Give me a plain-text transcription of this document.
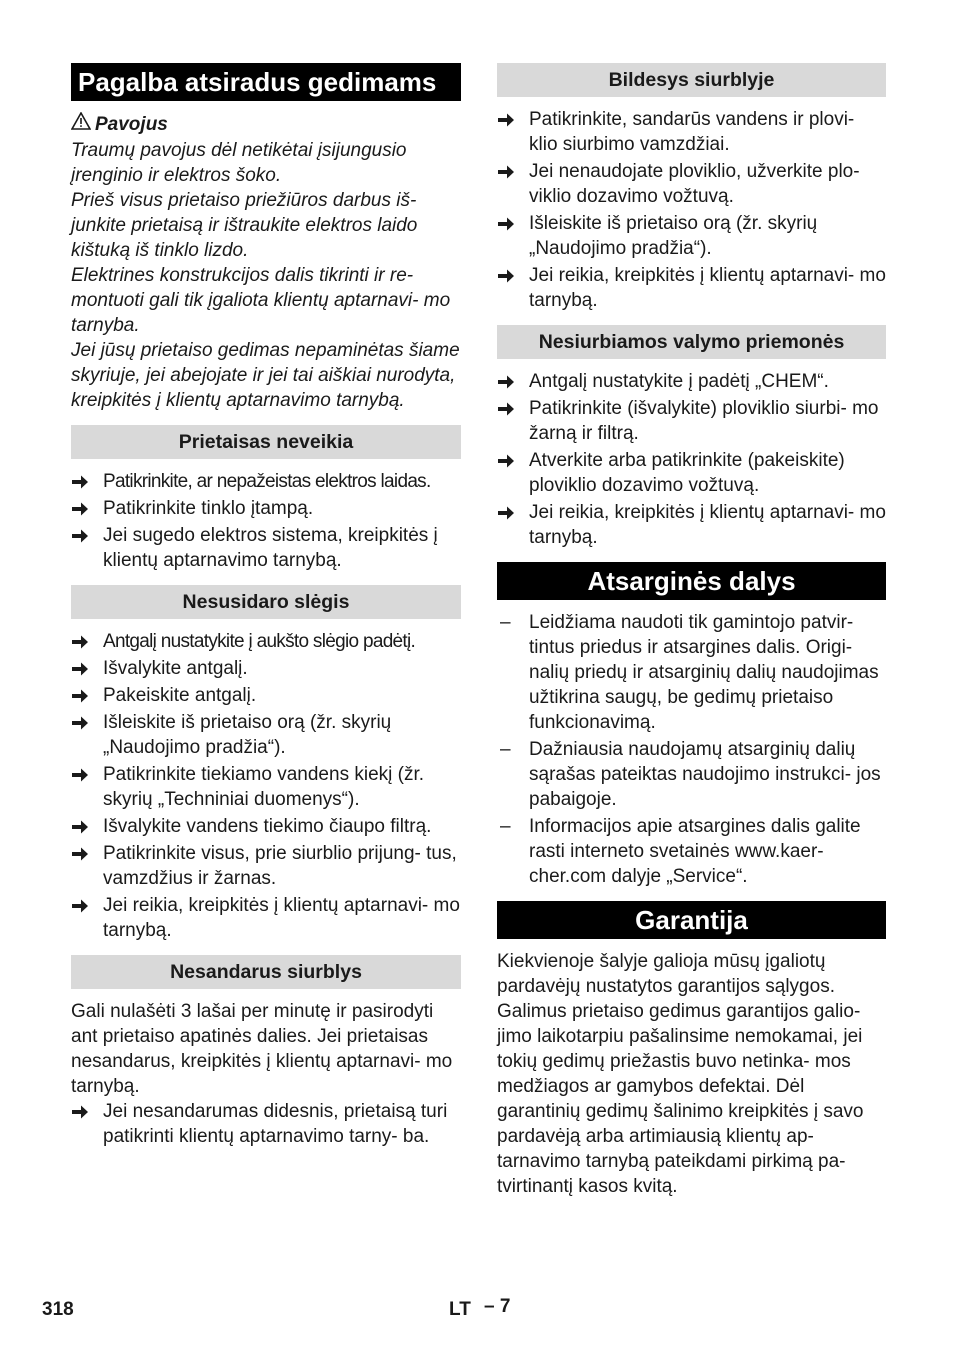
Pagalba atsiradus gedimams
Pavojus

Traumų pavojus dėl netikėtai įsijungusio įrenginio ir elektros šoko.

Prieš visus prietaiso priežiūros darbus iš- junkite prietaisą ir ištraukite elektros laido kištuką iš tinklo lizdo.

Elektrines konstrukcijos dalis tikrinti ir re- montuoti gali tik įgaliota klientų aptarnavi- mo tarnyba.

Jei jūsų prietaiso gedimas nepaminėtas šiame skyriuje, jei abejojate ir jei tai aiškiai nurodyta, kreipkitės į klientų aptarnavimo tarnybą.

Prietaisas neveikia
Patikrinkite, ar nepažeistas elektros laidas.
Patikrinkite tinklo įtampą.
Jei sugedo elektros sistema, kreipkitės į klientų aptarnavimo tarnybą.
Nesusidaro slėgis
Antgalį nustatykite į aukšto slėgio padėtį.
Išvalykite antgalį.
Pakeiskite antgalį.
Išleiskite iš prietaiso orą (žr. skyrių „Naudojimo pradžia“).
Patikrinkite tiekiamo vandens kiekį (žr. skyrių „Techniniai duomenys“).
Išvalykite vandens tiekimo čiaupo filtrą.
Patikrinkite visus, prie siurblio prijung- tus, vamzdžius ir žarnas.
Jei reikia, kreipkitės į klientų aptarnavi- mo tarnybą.
Nesandarus siurblys

Gali nulašėti 3 lašai per minutę ir pasirodyti ant prietaiso apatinės dalies. Jei prietaisas nesandarus, kreipkitės į klientų aptarnavi- mo tarnybą.

Jei nesandarumas didesnis, prietaisą turi patikrinti klientų aptarnavimo tarny- ba.
Bildesys siurblyje
Patikrinkite, sandarūs vandens ir plovi- klio siurbimo vamzdžiai.
Jei nenaudojate ploviklio, užverkite plo- viklio dozavimo vožtuvą.
Išleiskite iš prietaiso orą (žr. skyrių „Naudojimo pradžia“).
Jei reikia, kreipkitės į klientų aptarnavi- mo tarnybą.
Nesiurbiamos valymo priemonės
Antgalį nustatykite į padėtį „CHEM“.
Patikrinkite (išvalykite) ploviklio siurbi- mo žarną ir filtrą.
Atverkite arba patikrinkite (pakeiskite) ploviklio dozavimo vožtuvą.
Jei reikia, kreipkitės į klientų aptarnavi- mo tarnybą.
Atsarginės dalys
– Leidžiama naudoti tik gamintojo patvir- tintus priedus ir atsargines dalis. Origi- nalių priedų ir atsarginių dalių naudojimas užtikrina saugų, be gedimų prietaiso funkcionavimą.
– Dažniausia naudojamų atsarginių dalių sąrašas pateiktas naudojimo instrukci- jos pabaigoje.
– Informacijos apie atsargines dalis galite rasti interneto svetainės www.kaer- cher.com dalyje „Service“.
Garantija

Kiekvienoje šalyje galioja mūsų įgaliotų pardavėjų nustatytos garantijos sąlygos. Galimus prietaiso gedimus garantijos galio- jimo laikotarpiu pašalinsime nemokamai, jei tokių gedimų priežastis buvo netinka- mos medžiagos ar gamybos defektai. Dėl garantinių gedimų šalinimo kreipkitės į savo pardavėją arba artimiausią klientų ap- tarnavimo tarnybą pateikdami pirkimą pa- tvirtinantį kasos kvitą.

318	LT – 7
